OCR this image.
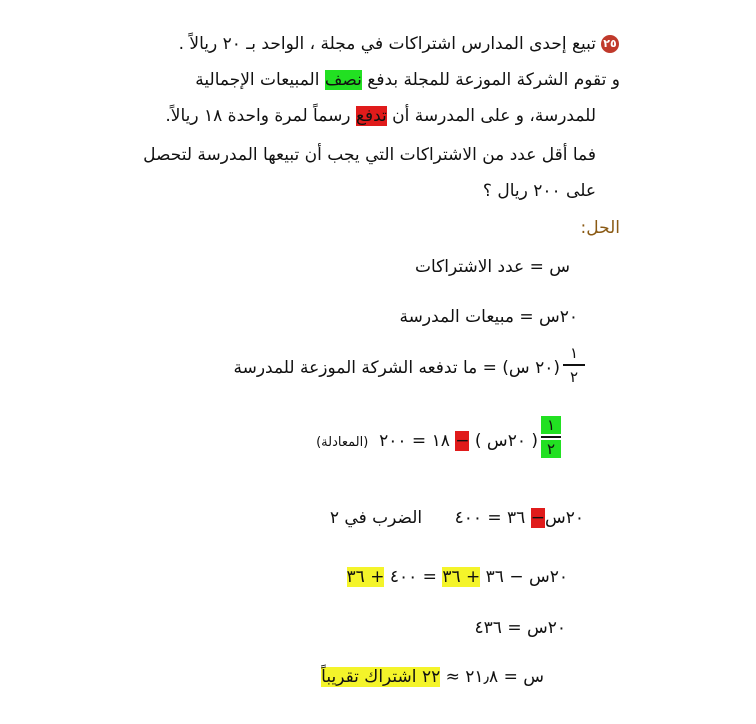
٢٥
تبيع إحدى المدارس اشتراكات في مجلة ، الواحد بـ ٢٠ ريالاً .
و تقوم الشركة الموزعة للمجلة بدفع نصف المبيعات الإجمالية
للمدرسة، و على المدرسة أن تدفع رسماً لمرة واحدة ١٨ ريالاً.
فما أقل عدد من الاشتراكات التي يجب أن تبيعها المدرسة لتحصل
على ٢٠٠ ريال ؟
الحل:
س = عدد الاشتراكات
٢٠س = مبيعات المدرسة
١
٢
(٢٠ س) = ما تدفعه الشركة الموزعة للمدرسة
١
٢
( ٢٠س ) − ١٨ = ٢٠٠  (المعادلة)
٢٠س− ٣٦ = ٤٠٠      الضرب في ٢
٢٠س − ٣٦ + ٣٦ = ٤٠٠ + ٣٦
٢٠س = ٤٣٦
س = ٢١٫٨ ≈ ٢٢ اشتراك تقريباً
